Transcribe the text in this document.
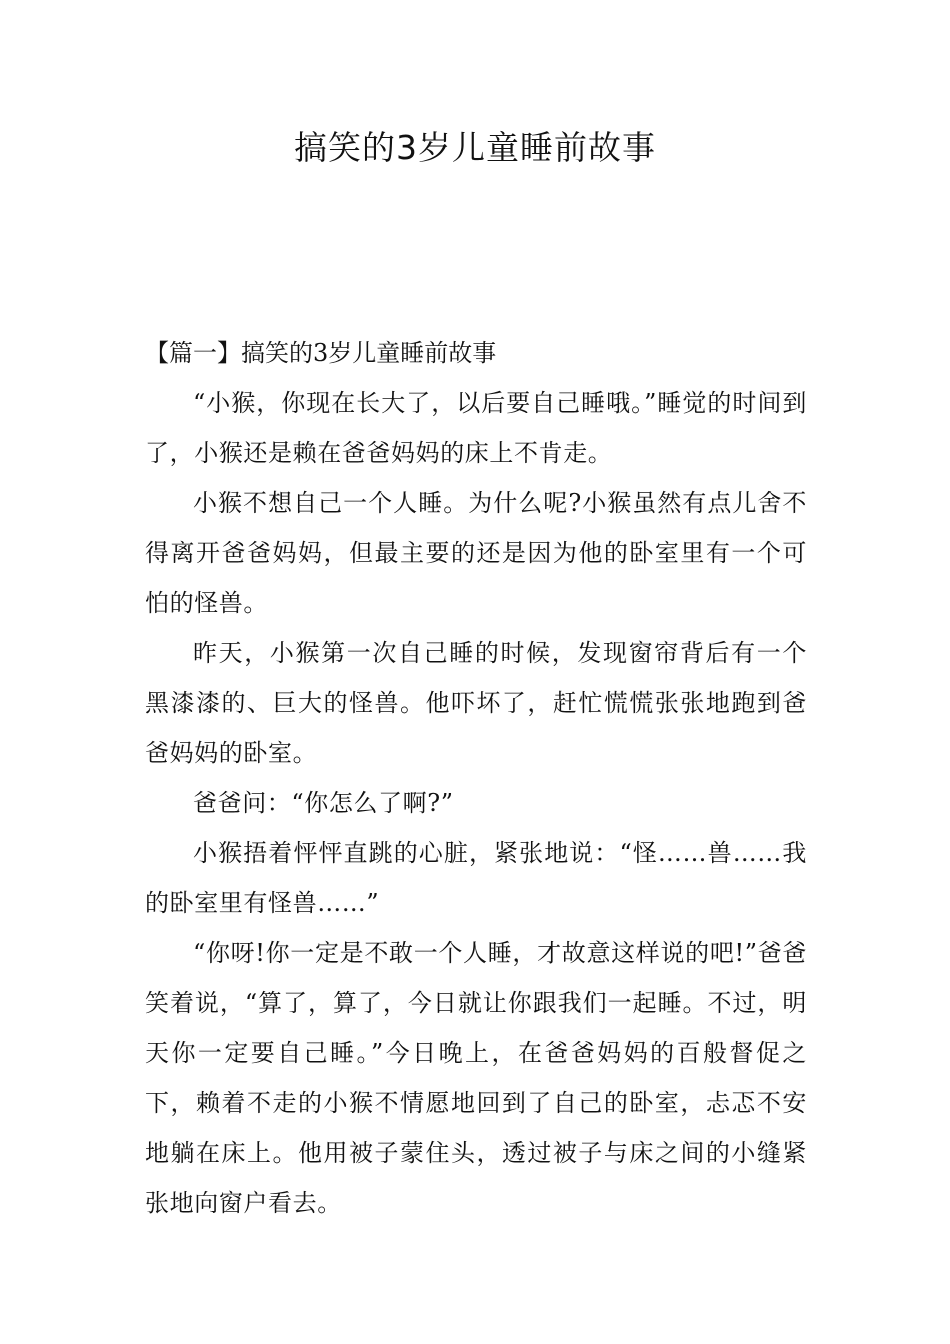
搞笑的3岁儿童睡前故事

【篇一】搞笑的3岁儿童睡前故事

“小猴，你现在长大了，以后要自己睡哦。”睡觉的时间到了，小猴还是赖在爸爸妈妈的床上不肯走。

小猴不想自己一个人睡。为什么呢?小猴虽然有点儿舍不得离开爸爸妈妈，但最主要的还是因为他的卧室里有一个可怕的怪兽。

昨天，小猴第一次自己睡的时候，发现窗帘背后有一个黑漆漆的、巨大的怪兽。他吓坏了，赶忙慌慌张张地跑到爸爸妈妈的卧室。

爸爸问：“你怎么了啊?”

小猴捂着怦怦直跳的心脏，紧张地说：“怪……兽……我的卧室里有怪兽……”

“你呀!你一定是不敢一个人睡，才故意这样说的吧!”爸爸笑着说，“算了，算了，今日就让你跟我们一起睡。不过，明天你一定要自己睡。”今日晚上，在爸爸妈妈的百般督促之下，赖着不走的小猴不情愿地回到了自己的卧室，忐忑不安地躺在床上。他用被子蒙住头，透过被子与床之间的小缝紧张地向窗户看去。
